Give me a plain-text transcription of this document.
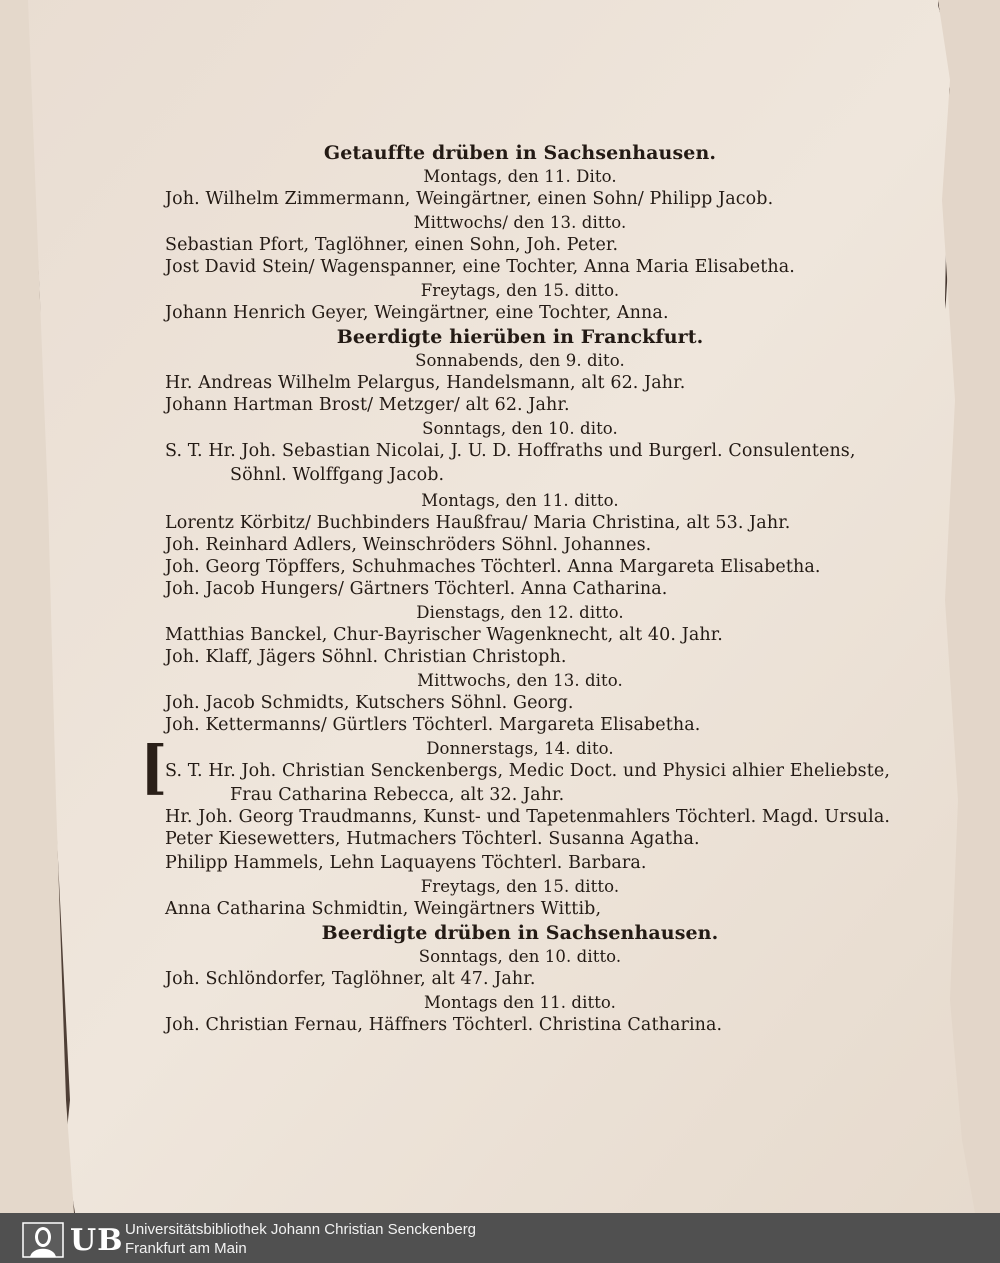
Getauffte drüben in Sachsenhausen.
Montags, den 11. Dito.
Joh. Wilhelm Zimmermann, Weingärtner, einen Sohn/ Philipp Jacob.
Mittwochs/ den 13. ditto.
Sebastian Pfort, Taglöhner, einen Sohn, Joh. Peter.
Jost David Stein/ Wagenspanner, eine Tochter, Anna Maria Elisabetha.
Freytags, den 15. ditto.
Johann Henrich Geyer, Weingärtner, eine Tochter, Anna.
Beerdigte hierüben in Franckfurt.
Sonnabends, den 9. dito.
Hr. Andreas Wilhelm Pelargus, Handelsmann, alt 62. Jahr.
Johann Hartman Brost/ Metzger/ alt 62. Jahr.
Sonntags, den 10. dito.
S. T. Hr. Joh. Sebastian Nicolai, J. U. D. Hoffraths und Burgerl. Consulentens,
Söhnl. Wolffgang Jacob.
Montags, den 11. ditto.
Lorentz Körbitz/ Buchbinders Haußfrau/ Maria Christina, alt 53. Jahr.
Joh. Reinhard Adlers, Weinschröders Söhnl. Johannes.
Joh. Georg Töpffers, Schuhmaches Töchterl. Anna Margareta Elisabetha.
Joh. Jacob Hungers/ Gärtners Töchterl. Anna Catharina.
Dienstags, den 12. ditto.
Matthias Banckel, Chur-Bayrischer Wagenknecht, alt 40. Jahr.
Joh. Klaff, Jägers Söhnl. Christian Christoph.
Mittwochs, den 13. dito.
Joh. Jacob Schmidts, Kutschers Söhnl. Georg.
Joh. Kettermanns/ Gürtlers Töchterl. Margareta Elisabetha.
Donnerstags, 14. dito.
S. T. Hr. Joh. Christian Senckenbergs, Medic Doct. und Physici alhier Eheliebste,
Frau Catharina Rebecca, alt 32. Jahr.
Hr. Joh. Georg Traudmanns, Kunst- und Tapetenmahlers Töchterl. Magd. Ursula.
Peter Kiesewetters, Hutmachers Töchterl. Susanna Agatha.
Philipp Hammels, Lehn Laquayens Töchterl. Barbara.
Freytags, den 15. ditto.
Anna Catharina Schmidtin, Weingärtners Wittib,
Beerdigte drüben in Sachsenhausen.
Sonntags, den 10. ditto.
Joh. Schlöndorfer, Taglöhner, alt 47. Jahr.
Montags den 11. ditto.
Joh. Christian Fernau, Häffners Töchterl. Christina Catharina.
[
UB Universitätsbibliothek Johann Christian Senckenberg
Frankfurt am Main
